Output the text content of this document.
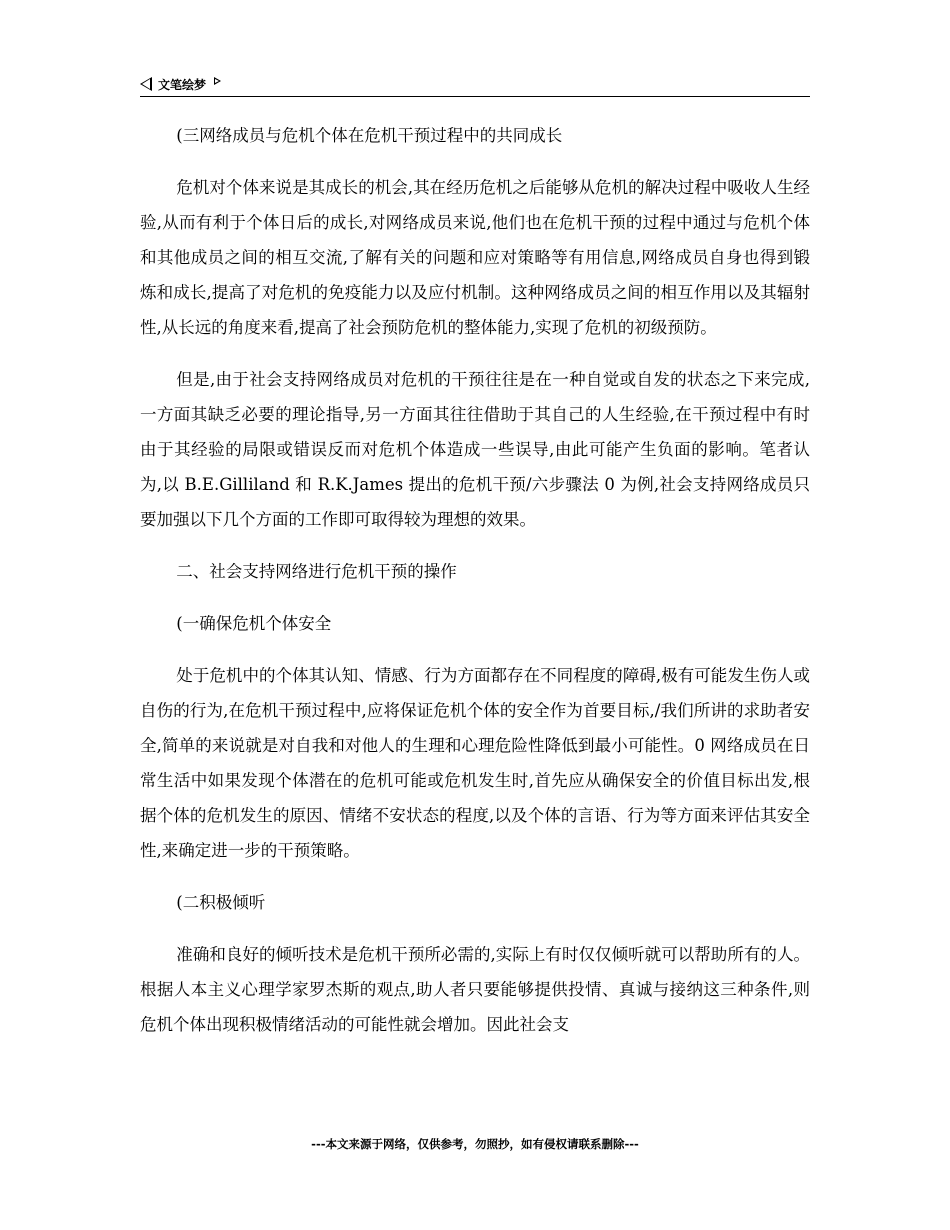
文笔绘梦

(三网络成员与危机个体在危机干预过程中的共同成长

危机对个体来说是其成长的机会,其在经历危机之后能够从危机的解决过程中吸收人生经验,从而有利于个体日后的成长,对网络成员来说,他们也在危机干预的过程中通过与危机个体和其他成员之间的相互交流,了解有关的问题和应对策略等有用信息,网络成员自身也得到锻炼和成长,提高了对危机的免疫能力以及应付机制。这种网络成员之间的相互作用以及其辐射性,从长远的角度来看,提高了社会预防危机的整体能力,实现了危机的初级预防。

但是,由于社会支持网络成员对危机的干预往往是在一种自觉或自发的状态之下来完成,一方面其缺乏必要的理论指导,另一方面其往往借助于其自己的人生经验,在干预过程中有时由于其经验的局限或错误反而对危机个体造成一些误导,由此可能产生负面的影响。笔者认为,以 B.E.Gilliland 和 R.K.James 提出的危机干预/六步骤法 0 为例,社会支持网络成员只要加强以下几个方面的工作即可取得较为理想的效果。

二、社会支持网络进行危机干预的操作

(一确保危机个体安全

处于危机中的个体其认知、情感、行为方面都存在不同程度的障碍,极有可能发生伤人或自伤的行为,在危机干预过程中,应将保证危机个体的安全作为首要目标,/我们所讲的求助者安全,简单的来说就是对自我和对他人的生理和心理危险性降低到最小可能性。0 网络成员在日常生活中如果发现个体潜在的危机可能或危机发生时,首先应从确保安全的价值目标出发,根据个体的危机发生的原因、情绪不安状态的程度,以及个体的言语、行为等方面来评估其安全性,来确定进一步的干预策略。

(二积极倾听

准确和良好的倾听技术是危机干预所必需的,实际上有时仅仅倾听就可以帮助所有的人。根据人本主义心理学家罗杰斯的观点,助人者只要能够提供投情、真诚与接纳这三种条件,则危机个体出现积极情绪活动的可能性就会增加。因此社会支

---本文来源于网络，仅供参考，勿照抄，如有侵权请联系删除---
